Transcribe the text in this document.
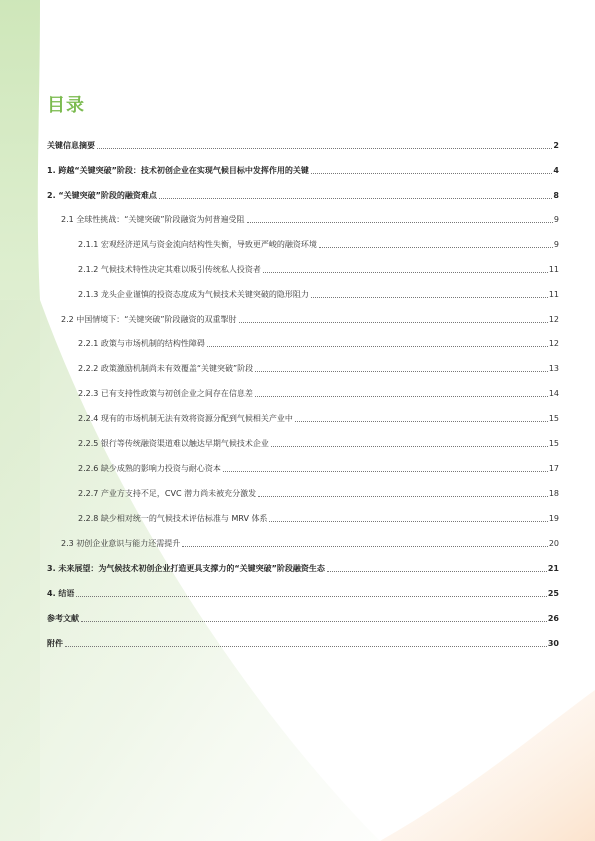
目录
关键信息摘要	2
1. 跨越“关键突破”阶段：技术初创企业在实现气候目标中发挥作用的关键	4
2. “关键突破”阶段的融资难点	8
2.1 全球性挑战：“关键突破”阶段融资为何普遍受阻	9
2.1.1 宏观经济逆风与资金流向结构性失衡，导致更严峻的融资环境	9
2.1.2 气候技术特性决定其难以吸引传统私人投资者	11
2.1.3 龙头企业谨慎的投资态度成为气候技术关键突破的隐形阻力	11
2.2 中国情境下：“关键突破”阶段融资的双重掣肘	12
2.2.1 政策与市场机制的结构性障碍	12
2.2.2 政策激励机制尚未有效覆盖“关键突破”阶段	13
2.2.3 已有支持性政策与初创企业之间存在信息差	14
2.2.4 现有的市场机制无法有效将资源分配到气候相关产业中	15
2.2.5 银行等传统融资渠道难以触达早期气候技术企业	15
2.2.6 缺少成熟的影响力投资与耐心资本	17
2.2.7 产业方支持不足，CVC 潜力尚未被充分激发	18
2.2.8 缺少相对统一的气候技术评估标准与 MRV 体系	19
2.3 初创企业意识与能力还需提升	20
3. 未来展望：为气候技术初创企业打造更具支撑力的“关键突破”阶段融资生态	21
4. 结语	25
参考文献	26
附件	30
